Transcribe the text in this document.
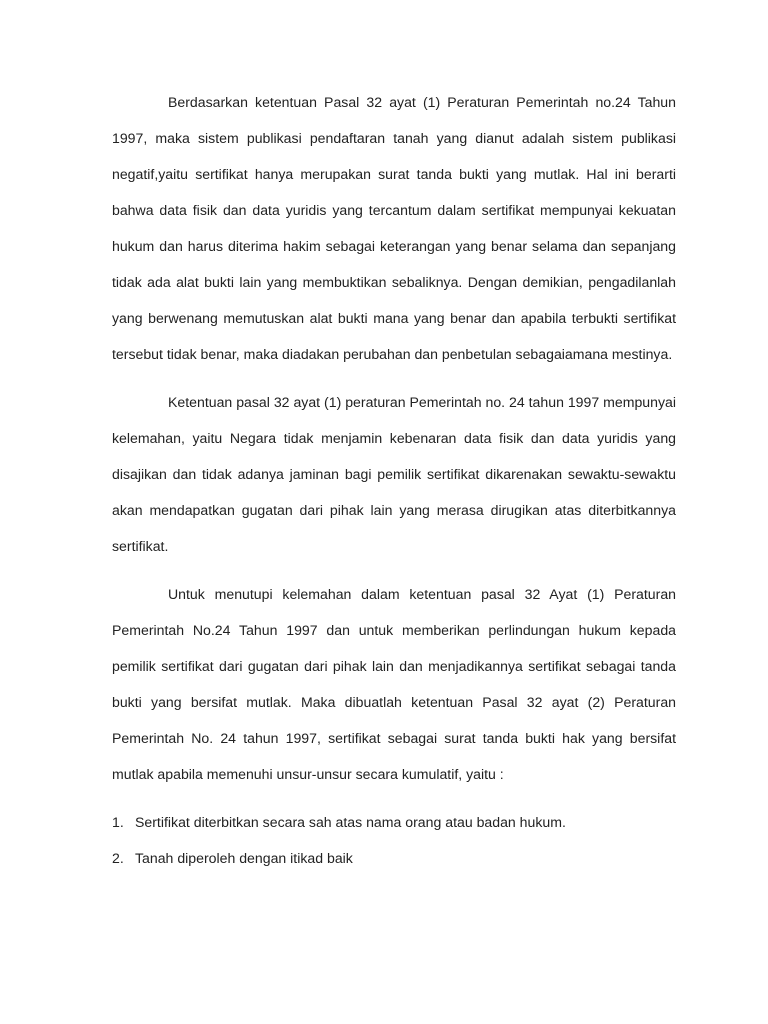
Berdasarkan ketentuan Pasal 32 ayat (1) Peraturan Pemerintah no.24 Tahun 1997, maka sistem publikasi pendaftaran tanah yang dianut adalah sistem publikasi negatif,yaitu sertifikat hanya merupakan surat tanda bukti yang mutlak. Hal ini berarti bahwa data fisik dan data yuridis yang tercantum dalam sertifikat mempunyai kekuatan hukum dan harus diterima hakim sebagai keterangan yang benar selama dan sepanjang tidak ada alat bukti lain yang membuktikan sebaliknya. Dengan demikian, pengadilanlah yang berwenang memutuskan alat bukti mana yang benar dan apabila terbukti sertifikat tersebut tidak benar, maka diadakan perubahan dan penbetulan sebagaiamana mestinya.

Ketentuan pasal 32 ayat (1) peraturan Pemerintah no. 24 tahun 1997 mempunyai kelemahan, yaitu Negara tidak menjamin kebenaran data fisik dan data yuridis yang disajikan dan tidak adanya jaminan bagi pemilik sertifikat dikarenakan sewaktu-sewaktu akan mendapatkan gugatan dari pihak lain yang merasa dirugikan atas diterbitkannya sertifikat.

Untuk menutupi kelemahan dalam ketentuan pasal 32 Ayat (1) Peraturan Pemerintah No.24 Tahun 1997 dan untuk memberikan perlindungan hukum kepada pemilik sertifikat dari gugatan dari pihak lain dan menjadikannya sertifikat sebagai tanda bukti yang bersifat mutlak. Maka dibuatlah ketentuan Pasal 32 ayat (2) Peraturan Pemerintah No. 24 tahun 1997, sertifikat sebagai surat tanda bukti hak yang bersifat mutlak apabila memenuhi unsur-unsur secara kumulatif, yaitu :

1. Sertifikat diterbitkan secara sah atas nama orang atau badan hukum.
2. Tanah diperoleh dengan itikad baik
